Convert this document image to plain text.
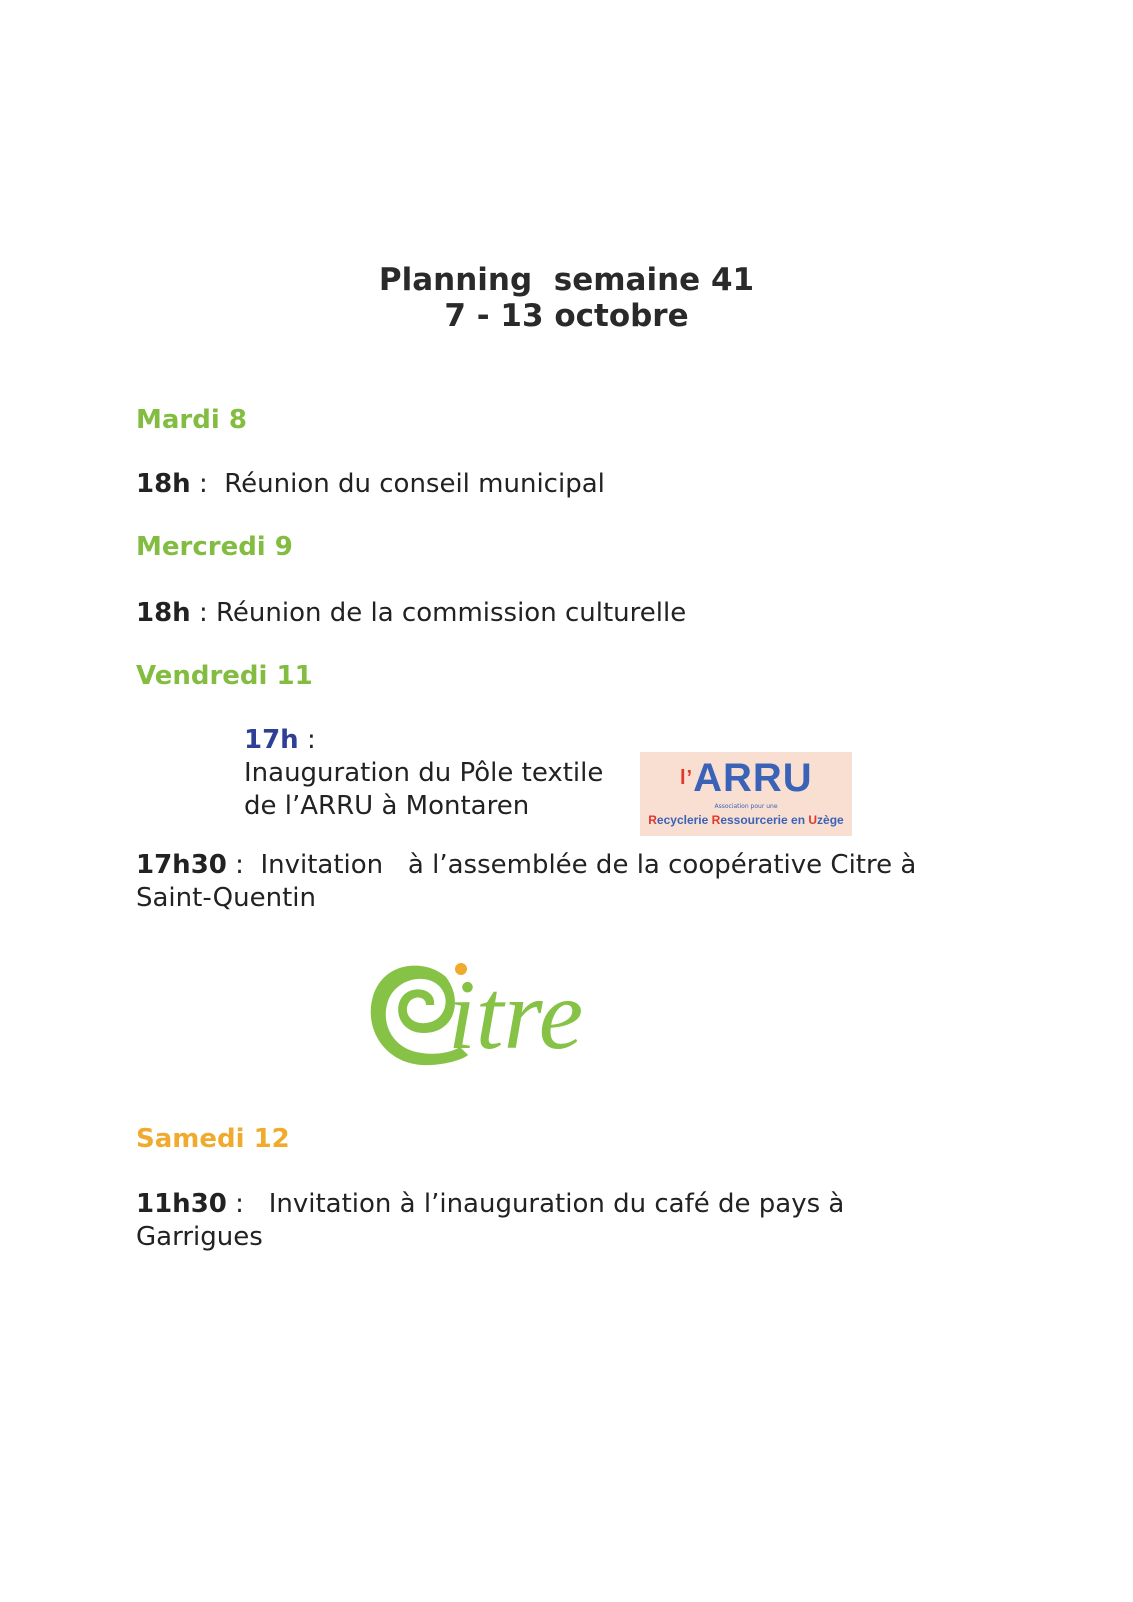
Planning  semaine 41
7 - 13 octobre
Mardi 8
18h :  Réunion du conseil municipal
Mercredi 9
18h : Réunion de la commission culturelle
Vendredi 11
17h :
Inauguration du Pôle textile
de l’ARRU à Montaren
$^{l’}$ARRU
Association pour une
Recyclerie Ressourcerie en Uzège
17h30 :  Invitation   à l’assemblée de la coopérative Citre à
Saint-Quentin
itre
Samedi 12
11h30 :   Invitation à l’inauguration du café de pays à
Garrigues
